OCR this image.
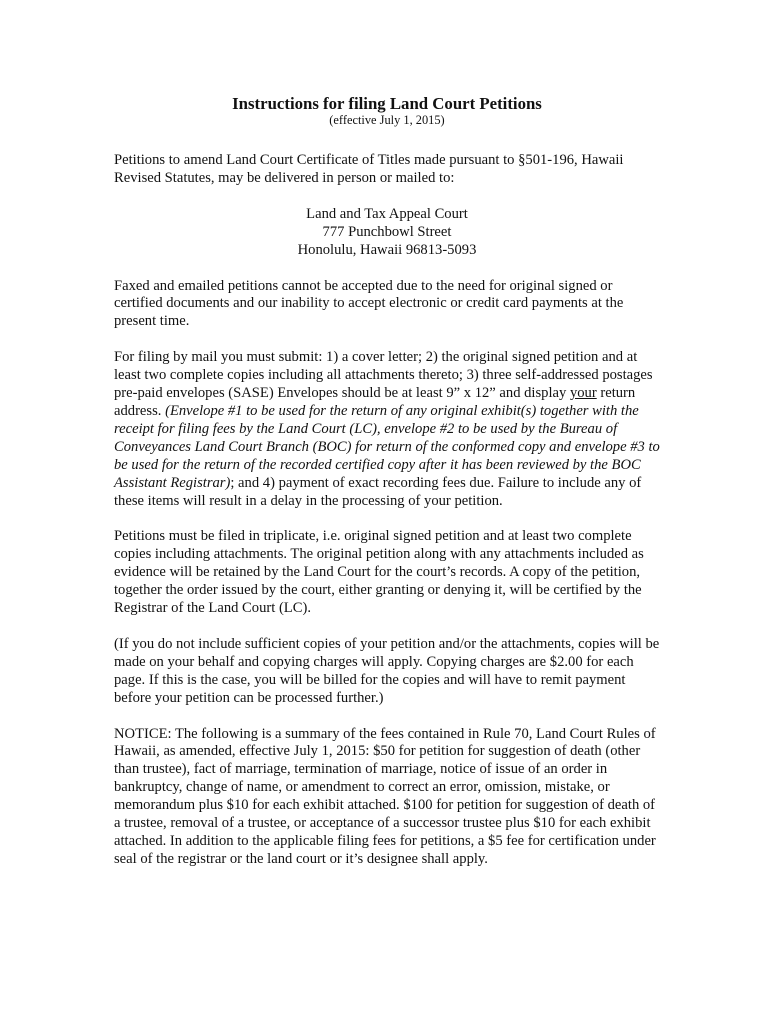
Instructions for filing Land Court Petitions
(effective July 1, 2015)

Petitions to amend Land Court Certificate of Titles made pursuant to §501-196, Hawaii Revised Statutes, may be delivered in person or mailed to:

Land and Tax Appeal Court
777 Punchbowl Street
Honolulu, Hawaii 96813-5093

Faxed and emailed petitions cannot be accepted due to the need for original signed or certified documents and our inability to accept electronic or credit card payments at the present time.

For filing by mail you must submit: 1) a cover letter; 2) the original signed petition and at least two complete copies including all attachments thereto; 3) three self-addressed postages pre-paid envelopes (SASE) Envelopes should be at least 9” x 12” and display your return address. (Envelope #1 to be used for the return of any original exhibit(s) together with the receipt for filing fees by the Land Court (LC), envelope #2 to be used by the Bureau of Conveyances Land Court Branch (BOC) for return of the conformed copy and envelope #3 to be used for the return of the recorded certified copy after it has been reviewed by the BOC Assistant Registrar); and 4) payment of exact recording fees due. Failure to include any of these items will result in a delay in the processing of your petition.

Petitions must be filed in triplicate, i.e. original signed petition and at least two complete copies including attachments. The original petition along with any attachments included as evidence will be retained by the Land Court for the court’s records. A copy of the petition, together the order issued by the court, either granting or denying it, will be certified by the Registrar of the Land Court (LC).

(If you do not include sufficient copies of your petition and/or the attachments, copies will be made on your behalf and copying charges will apply. Copying charges are $2.00 for each page. If this is the case, you will be billed for the copies and will have to remit payment before your petition can be processed further.)

NOTICE: The following is a summary of the fees contained in Rule 70, Land Court Rules of Hawaii, as amended, effective July 1, 2015: $50 for petition for suggestion of death (other than trustee), fact of marriage, termination of marriage, notice of issue of an order in bankruptcy, change of name, or amendment to correct an error, omission, mistake, or memorandum plus $10 for each exhibit attached. $100 for petition for suggestion of death of a trustee, removal of a trustee, or acceptance of a successor trustee plus $10 for each exhibit attached. In addition to the applicable filing fees for petitions, a $5 fee for certification under seal of the registrar or the land court or it’s designee shall apply.
